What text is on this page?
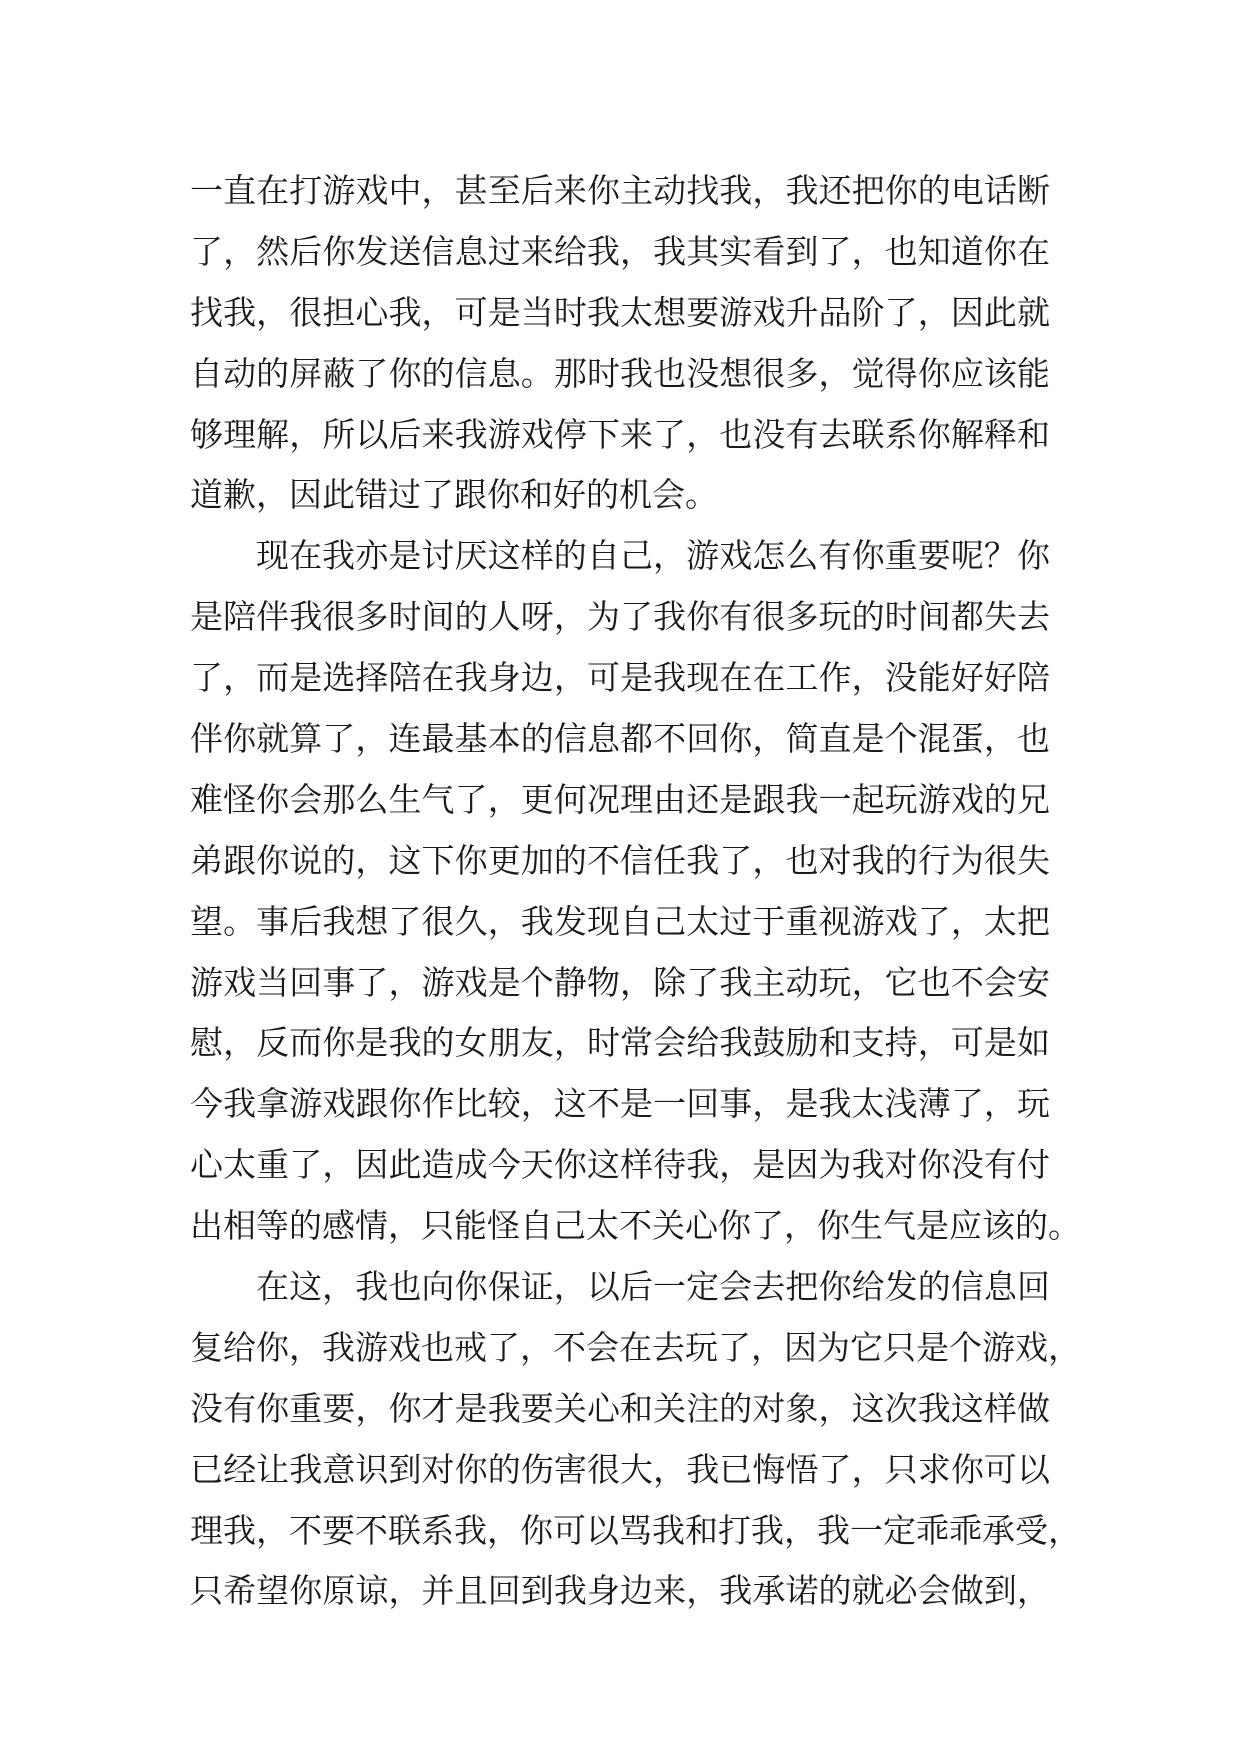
一直在打游戏中，甚至后来你主动找我，我还把你的电话断
了，然后你发送信息过来给我，我其实看到了，也知道你在
找我，很担心我，可是当时我太想要游戏升品阶了，因此就
自动的屏蔽了你的信息。那时我也没想很多，觉得你应该能
够理解，所以后来我游戏停下来了，也没有去联系你解释和
道歉，因此错过了跟你和好的机会。
现在我亦是讨厌这样的自己，游戏怎么有你重要呢？你
是陪伴我很多时间的人呀，为了我你有很多玩的时间都失去
了，而是选择陪在我身边，可是我现在在工作，没能好好陪
伴你就算了，连最基本的信息都不回你，简直是个混蛋，也
难怪你会那么生气了，更何况理由还是跟我一起玩游戏的兄
弟跟你说的，这下你更加的不信任我了，也对我的行为很失
望。事后我想了很久，我发现自己太过于重视游戏了，太把
游戏当回事了，游戏是个静物，除了我主动玩，它也不会安
慰，反而你是我的女朋友，时常会给我鼓励和支持，可是如
今我拿游戏跟你作比较，这不是一回事，是我太浅薄了，玩
心太重了，因此造成今天你这样待我，是因为我对你没有付
出相等的感情，只能怪自己太不关心你了，你生气是应该的。
在这，我也向你保证，以后一定会去把你给发的信息回
复给你，我游戏也戒了，不会在去玩了，因为它只是个游戏，
没有你重要，你才是我要关心和关注的对象，这次我这样做
已经让我意识到对你的伤害很大，我已悔悟了，只求你可以
理我，不要不联系我，你可以骂我和打我，我一定乖乖承受，
只希望你原谅，并且回到我身边来，我承诺的就必会做到，
